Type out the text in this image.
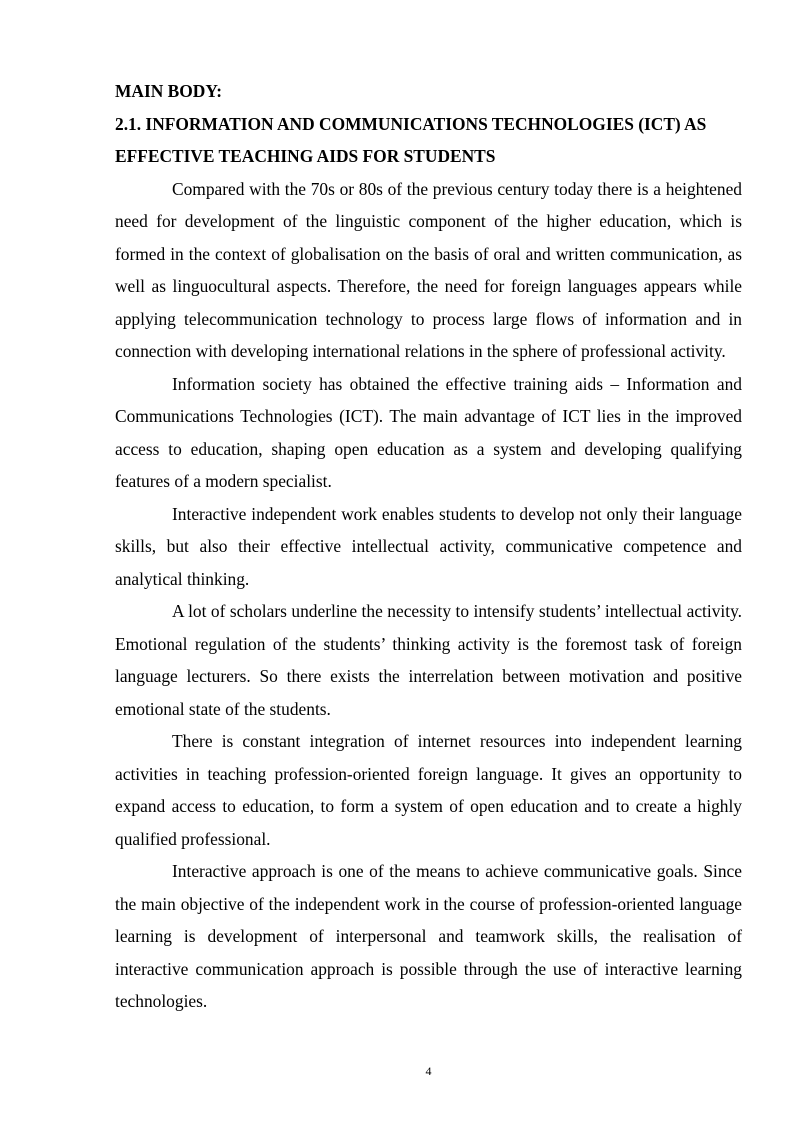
MAIN BODY:

2.1. INFORMATION AND COMMUNICATIONS TECHNOLOGIES (ICT) AS EFFECTIVE TEACHING AIDS FOR STUDENTS

Compared with the 70s or 80s of the previous century today there is a heightened need for development of the linguistic component of the higher education, which is formed in the context of globalisation on the basis of oral and written communication, as well as linguocultural aspects. Therefore, the need for foreign languages appears while applying telecommunication technology to process large flows of information and in connection with developing international relations in the sphere of professional activity.

Information society has obtained the effective training aids – Information and Communications Technologies (ICT). The main advantage of ICT lies in the improved access to education, shaping open education as a system and developing qualifying features of a modern specialist.

Interactive independent work enables students to develop not only their language skills, but also their effective intellectual activity, communicative competence and analytical thinking.

A lot of scholars underline the necessity to intensify students’ intellectual activity. Emotional regulation of the students’ thinking activity is the foremost task of foreign language lecturers. So there exists the interrelation between motivation and positive emotional state of the students.

There is constant integration of internet resources into independent learning activities in teaching profession-oriented foreign language. It gives an opportunity to expand access to education, to form a system of open education and to create a highly qualified professional.

Interactive approach is one of the means to achieve communicative goals. Since the main objective of the independent work in the course of profession-oriented language learning is development of interpersonal and teamwork skills, the realisation of interactive communication approach is possible through the use of interactive learning technologies.

4
